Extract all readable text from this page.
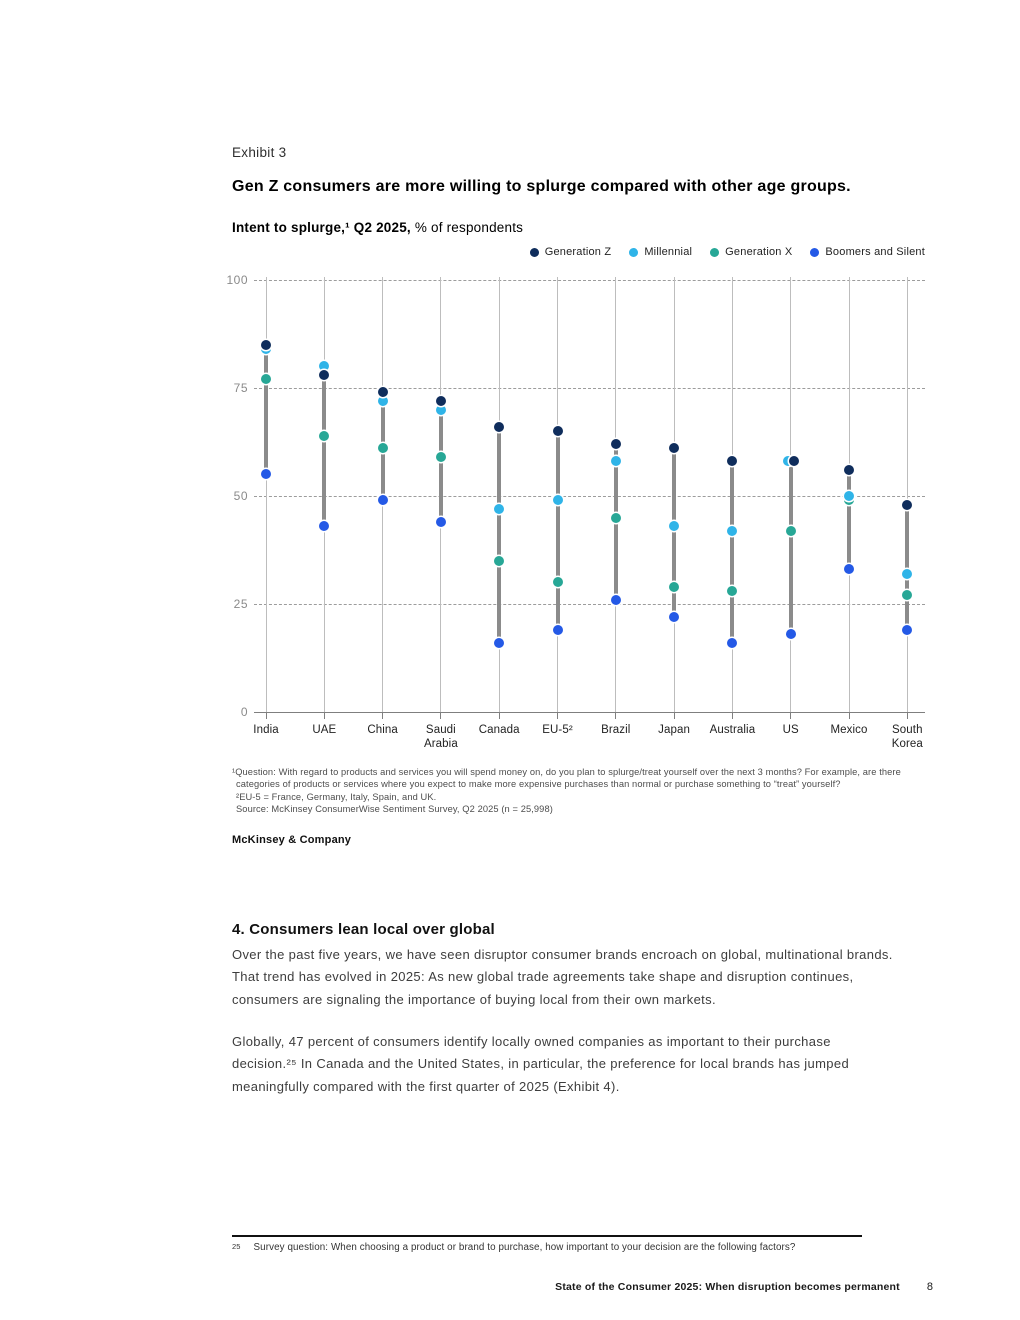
Exhibit 3
Gen Z consumers are more willing to splurge compared with other age groups.
Intent to splurge,¹ Q2 2025, % of respondents
Generation Z	Millennial	Generation X	Boomers and Silent
0
25
50
75
100
India	UAE	China	Saudi Arabia
Canada	EU-5²	Brazil	Japan	Australia	US	Mexico	South Korea
¹Question: With regard to products and services you will spend money on, do you plan to splurge/treat yourself over the next 3 months? For example, are there
categories of products or services where you expect to make more expensive purchases than normal or purchase something to “treat” yourself?
²EU-5 = France, Germany, Italy, Spain, and UK.
Source: McKinsey ConsumerWise Sentiment Survey, Q2 2025 (n = 25,998)
McKinsey & Company
4. Consumers lean local over global
Over the past five years, we have seen disruptor consumer brands encroach on global, multinational brands. That trend has evolved in 2025: As new global trade agreements take shape and disruption continues, consumers are signaling the importance of buying local from their own markets.
Globally, 47 percent of consumers identify locally owned companies as important to their purchase decision.²⁵ In Canada and the United States, in particular, the preference for local brands has jumped meaningfully compared with the first quarter of 2025 (Exhibit 4).
$^{25}$ Survey question: When choosing a product or brand to purchase, how important to your decision are the following factors?
State of the Consumer 2025: When disruption becomes permanent 8
